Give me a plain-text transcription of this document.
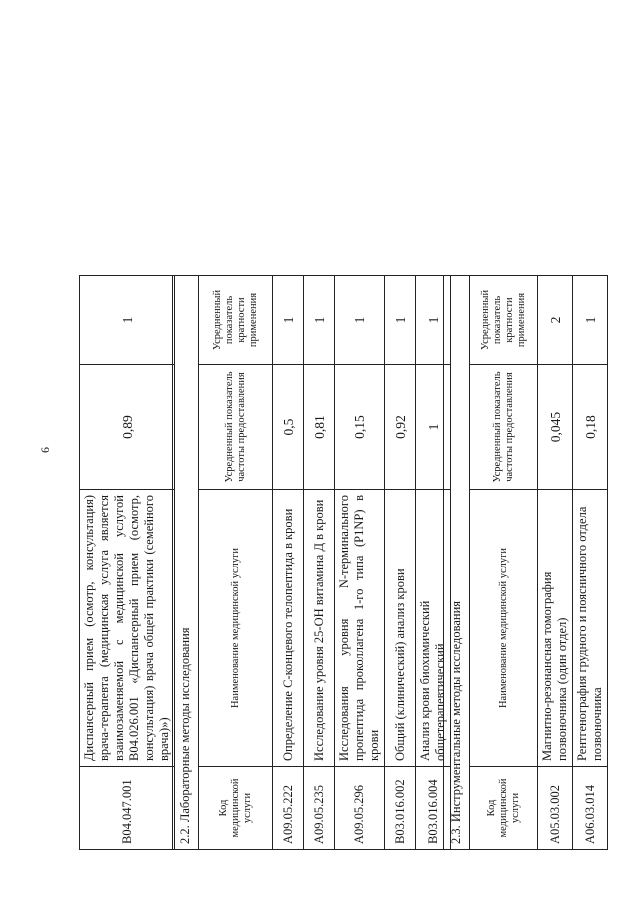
6
B04.047.001	Диспансерный прием (осмотр, консультация) врача-терапевта (медицинская услуга является взаимозаменяемой с медицинской услугой B04.026.001 «Диспансерный прием (осмотр, консультация) врача общей практики (семейного врача)»)	0,89	1
2.2. Лабораторные методы исследования			
Код медицинской услуги	Наименование медицинской услуги	Усредненный показатель частоты предоставления	Усредненный показатель кратности применения
A09.05.222	Определение C-концевого телопептида в крови	0,5	1
A09.05.235	Исследование уровня 25-ОН витамина Д в крови	0,81	1
A09.05.296	Исследования уровня N-терминального пропептида проколлагена 1-го типа (P1NP) в крови	0,15	1
B03.016.002	Общий (клинический) анализ крови	0,92	1
B03.016.004	Анализ крови биохимический общетерапевтический	1	1
2.3. Инструментальные методы исследования			
Код медицинской услуги	Наименование медицинской услуги	Усредненный показатель частоты предоставления	Усредненный показатель кратности применения
A05.03.002	Магнитно-резонансная томография позвоночника (один отдел)	0,045	2
A06.03.014	Рентгенография грудного и поясничного отдела позвоночника	0,18	1
